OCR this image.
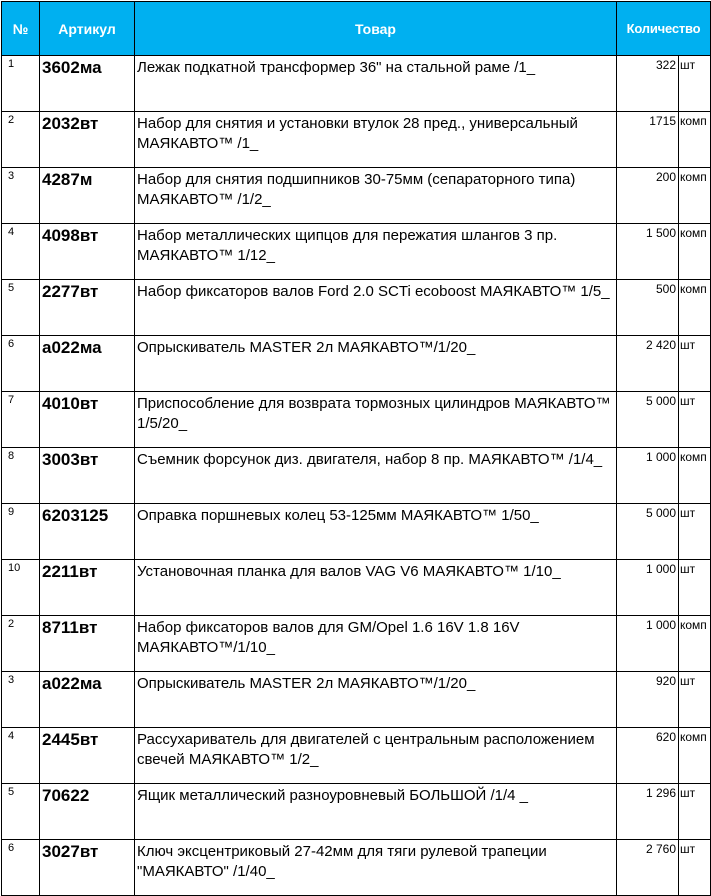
№	Артикул	Товар	Количество	
1	3602ма	Лежак подкатной трансформер 36" на стальной раме /1_	322	шт
2	2032вт	Набор для снятия и установки втулок 28 пред., универсальный МАЯКАВТО™ /1_	1715	комп
3	4287м	Набор для снятия подшипников 30-75мм (сепараторного типа) МАЯКАВТО™ /1/2_	200	комп
4	4098вт	Набор металлических щипцов для пережатия шлангов 3 пр. МАЯКАВТО™ 1/12_	1 500	комп
5	2277вт	Набор фиксаторов валов Ford 2.0 SCTi ecoboost МАЯКАВТО™ 1/5_	500	комп
6	а022ма	Опрыскиватель MASTER 2л МАЯКАВТО™/1/20_	2 420	шт
7	4010вт	Приспособление для возврата тормозных цилиндров МАЯКАВТО™ 1/5/20_	5 000	шт
8	3003вт	Съемник форсунок диз. двигателя, набор 8 пр. МАЯКАВТО™ /1/4_	1 000	комп
9	6203125	Оправка поршневых колец 53-125мм МАЯКАВТО™ 1/50_	5 000	шт
10	2211вт	Установочная планка для валов VAG V6 МАЯКАВТО™ 1/10_	1 000	шт
2	8711вт	Набор фиксаторов валов для GM/Opel 1.6 16V 1.8 16V МАЯКАВТО™/1/10_	1 000	комп
3	а022ма	Опрыскиватель MASTER 2л МАЯКАВТО™/1/20_	920	шт
4	2445вт	Рассухариватель для двигателей с центральным расположением свечей МАЯКАВТО™ 1/2_	620	комп
5	70622	Ящик металлический разноуровневый БОЛЬШОЙ /1/4 _	1 296	шт
6	3027вт	Ключ эксцентриковый 27-42мм для тяги рулевой трапеции "МАЯКАВТО" /1/40_	2 760	шт
